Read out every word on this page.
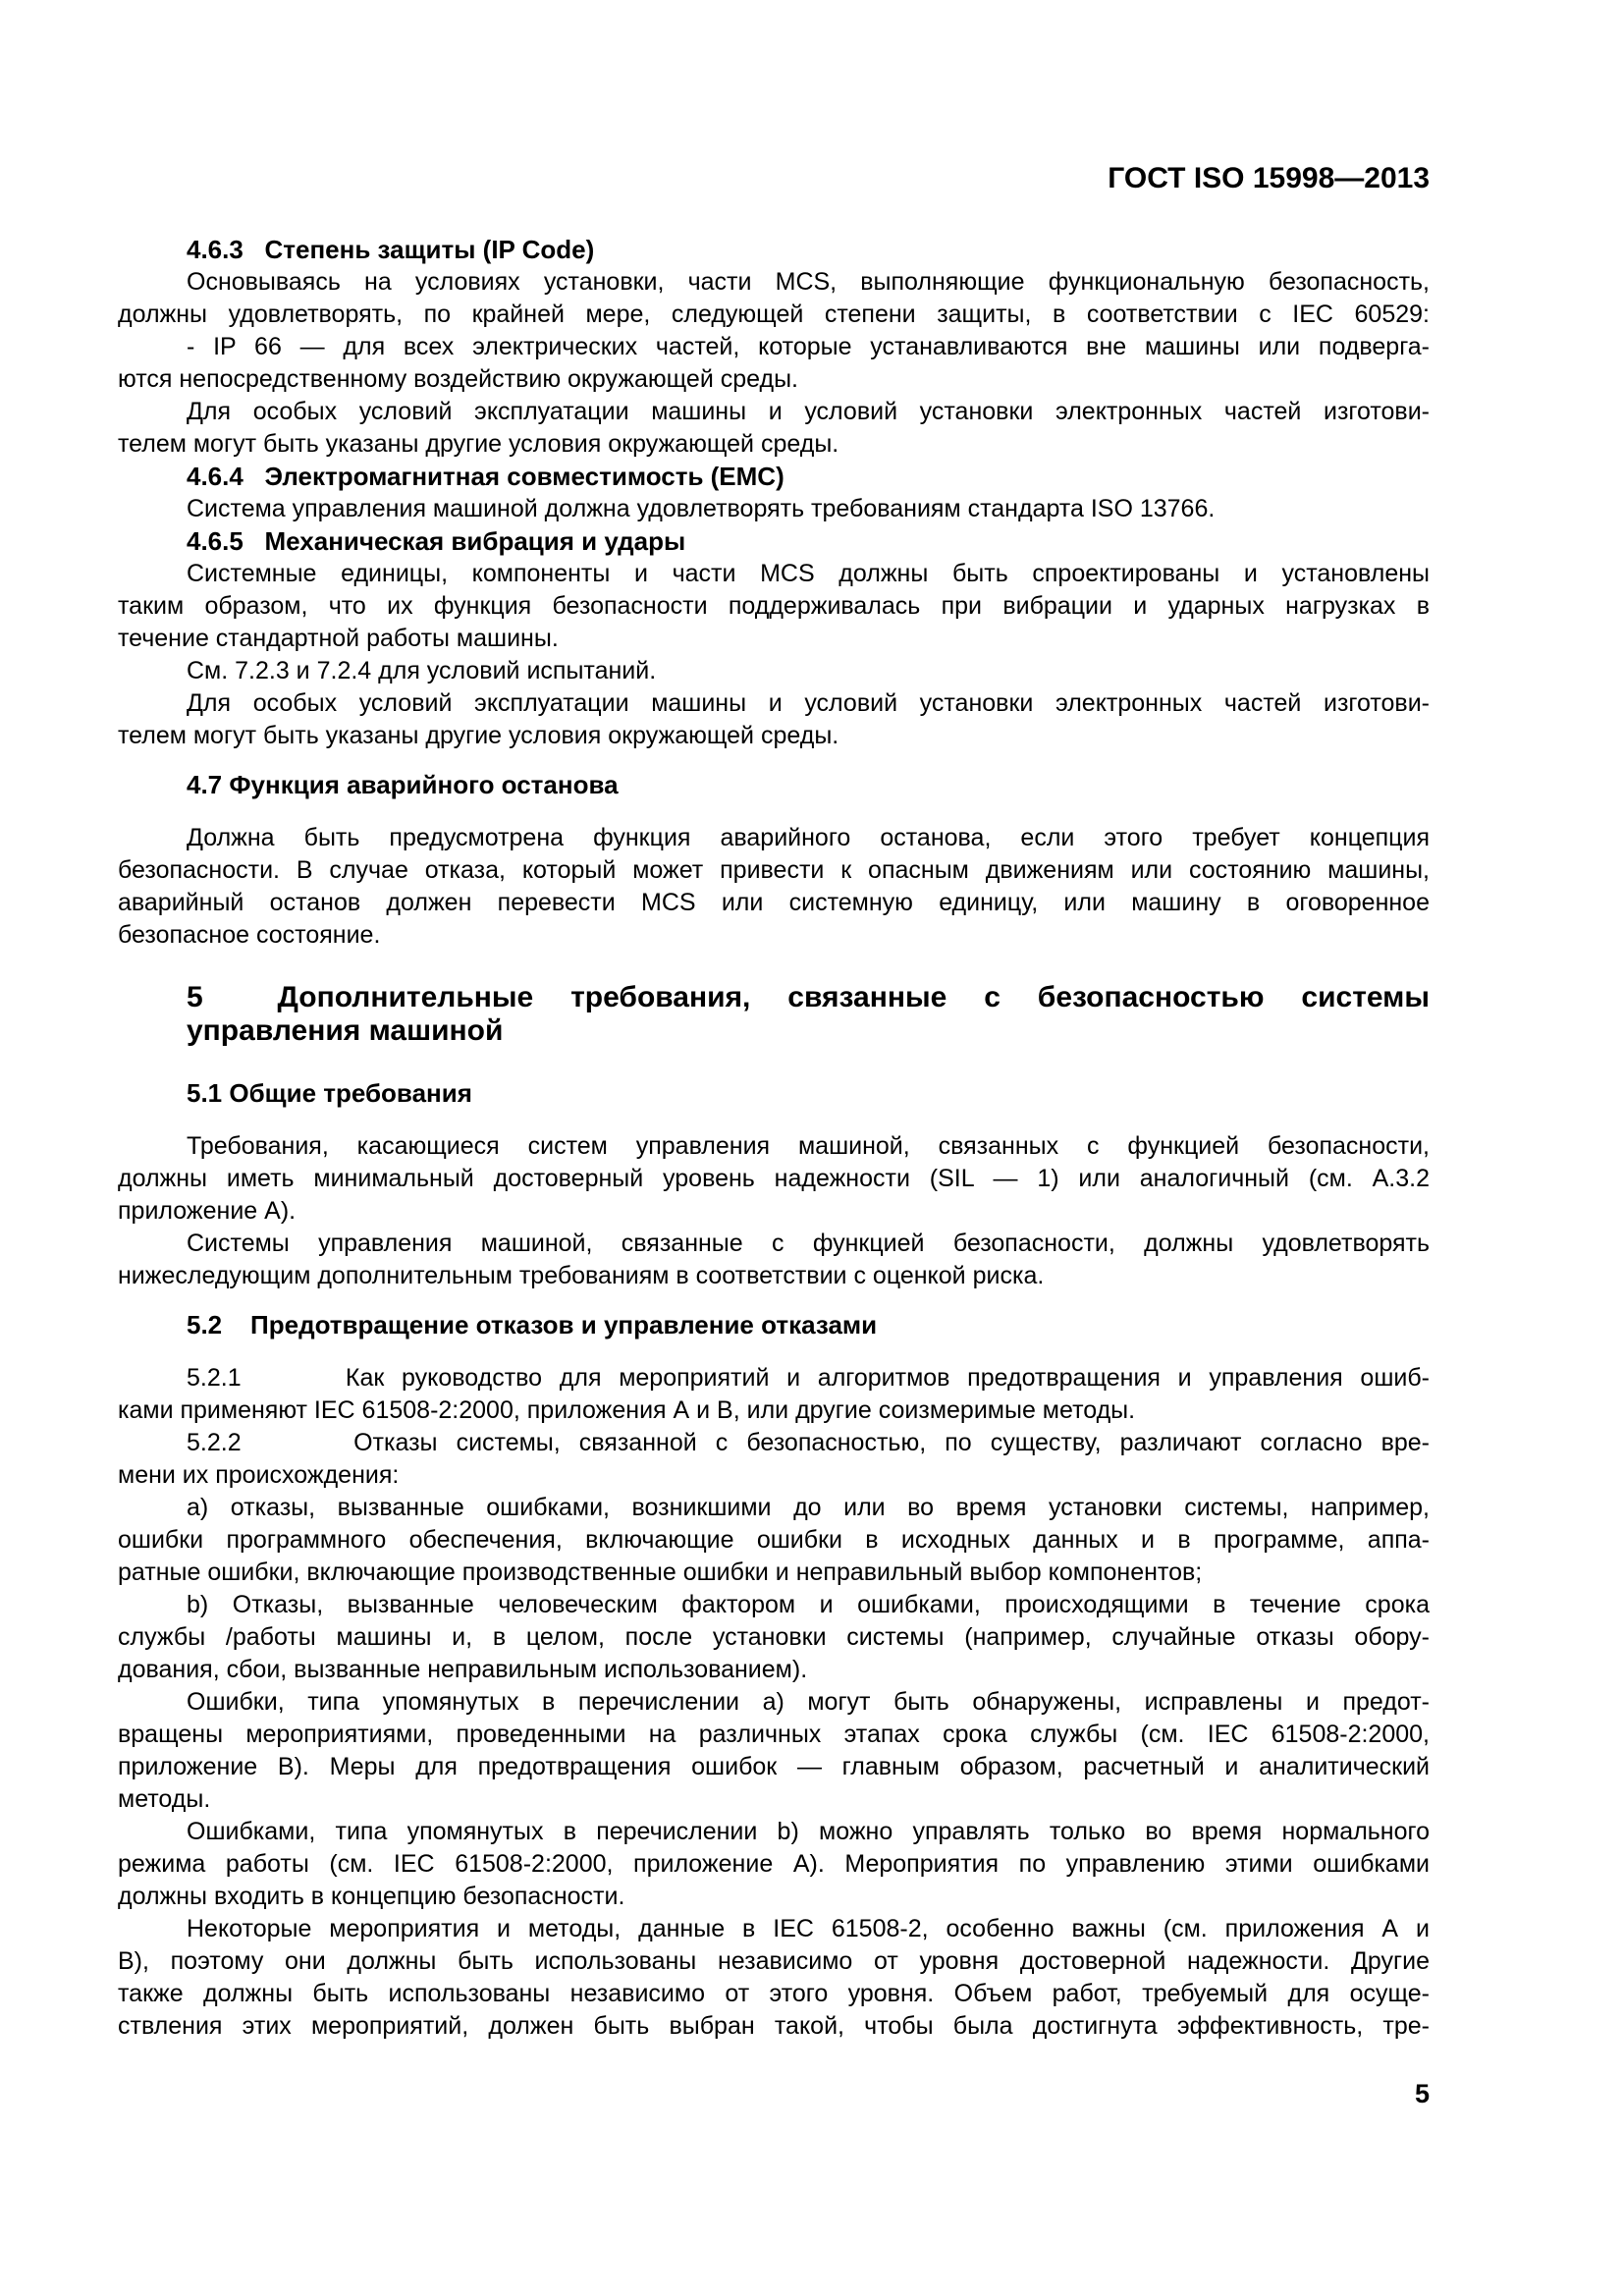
ГОСТ ISO 15998—2013
4.6.3   Степень защиты (IP Code)
Основываясь на условиях установки, части MCS, выполняющие функциональную безопасность,
должны удовлетворять, по крайней мере, следующей степени защиты, в соответствии с IEC 60529:
- IP 66 — для всех электрических частей, которые устанавливаются вне машины или подверга-
ются непосредственному воздействию окружающей среды.
Для особых условий эксплуатации машины и условий установки электронных частей изготови-
телем могут быть указаны другие условия окружающей среды.
4.6.4   Электромагнитная совместимость (EMC)
Система управления машиной должна удовлетворять требованиям стандарта ISO 13766.
4.6.5   Механическая вибрация и удары
Системные единицы, компоненты и части MCS должны быть спроектированы и установлены
таким образом, что их функция безопасности поддерживалась при вибрации и ударных нагрузках в
течение стандартной работы машины.
См. 7.2.3 и 7.2.4 для условий испытаний.
Для особых условий эксплуатации машины и условий установки электронных частей изготови-
телем могут быть указаны другие условия окружающей среды.
4.7 Функция аварийного останова
Должна быть предусмотрена функция аварийного останова, если этого требует концепция
безопасности. В случае отказа, который может привести к опасным движениям или состоянию машины,
аварийный останов должен перевести MCS или системную единицу, или машину в оговоренное
безопасное состояние.
5  Дополнительные требования, связанные с безопасностью системы
управления машиной
5.1 Общие требования
Требования, касающиеся систем управления машиной, связанных с функцией безопасности,
должны иметь минимальный достоверный уровень надежности (SIL — 1) или аналогичный (см. А.3.2
приложение А).
Системы управления машиной, связанные с функцией безопасности, должны удовлетворять
нижеследующим дополнительным требованиям в соответствии с оценкой риска.
5.2    Предотвращение отказов и управление отказами
5.2.1      Как руководство для мероприятий и алгоритмов предотвращения и управления ошиб-
ками применяют IEC 61508-2:2000, приложения А и В, или другие соизмеримые методы.
5.2.2      Отказы системы, связанной с безопасностью, по существу, различают согласно вре-
мени их происхождения:
a) отказы, вызванные ошибками, возникшими до или во время установки системы, например,
ошибки программного обеспечения, включающие ошибки в исходных данных и в программе, аппа-
ратные ошибки, включающие производственные ошибки и неправильный выбор компонентов;
b) Отказы, вызванные человеческим фактором и ошибками, происходящими в течение срока
службы /работы машины и, в целом, после установки системы (например, случайные отказы обору-
дования, сбои, вызванные неправильным использованием).
Ошибки, типа упомянутых в перечислении a) могут быть обнаружены, исправлены и предот-
вращены мероприятиями, проведенными на различных этапах срока службы (см. IEC 61508-2:2000,
приложение В). Меры для предотвращения ошибок — главным образом, расчетный и аналитический
методы.
Ошибками, типа упомянутых в перечислении b) можно управлять только во время нормального
режима работы (см. IEC 61508-2:2000, приложение А). Мероприятия по управлению этими ошибками
должны входить в концепцию безопасности.
Некоторые мероприятия и методы, данные в IEC 61508-2, особенно важны (см. приложения А и
В), поэтому они должны быть использованы независимо от уровня достоверной надежности. Другие
также должны быть использованы независимо от этого уровня. Объем работ, требуемый для осуще-
ствления этих мероприятий, должен быть выбран такой, чтобы была достигнута эффективность, тре-
5
